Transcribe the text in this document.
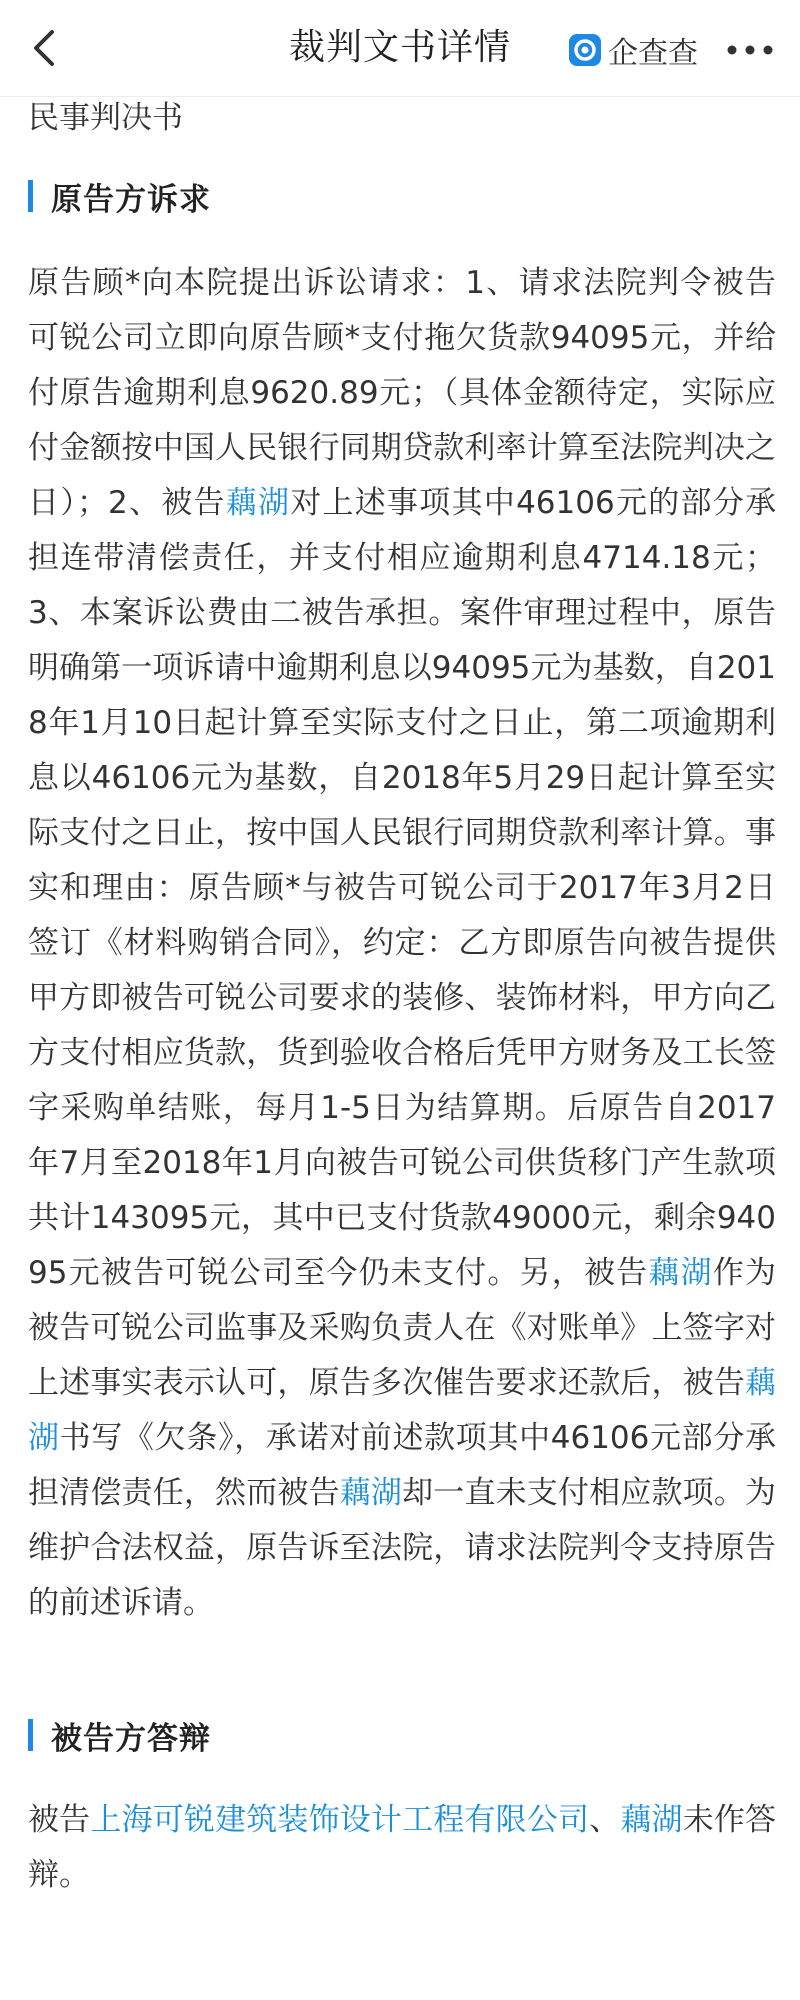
裁判文书详情	企查查

民事判决书

原告方诉求

原告顾*向本院提出诉讼请求：1、请求法院判令被告可锐公司立即向原告顾*支付拖欠货款94095元，并给付原告逾期利息9620.89元；（具体金额待定，实际应付金额按中国人民银行同期贷款利率计算至法院判决之日）；2、被告藕湖对上述事项其中46106元的部分承担连带清偿责任，并支付相应逾期利息4714.18元；3、本案诉讼费由二被告承担。案件审理过程中，原告明确第一项诉请中逾期利息以94095元为基数，自2018年1月10日起计算至实际支付之日止，第二项逾期利息以46106元为基数，自2018年5月29日起计算至实际支付之日止，按中国人民银行同期贷款利率计算。事实和理由：原告顾*与被告可锐公司于2017年3月2日签订《材料购销合同》，约定：乙方即原告向被告提供甲方即被告可锐公司要求的装修、装饰材料，甲方向乙方支付相应货款，货到验收合格后凭甲方财务及工长签字采购单结账，每月1-5日为结算期。后原告自2017年7月至2018年1月向被告可锐公司供货移门产生款项共计143095元，其中已支付货款49000元，剩余94095元被告可锐公司至今仍未支付。另，被告藕湖作为被告可锐公司监事及采购负责人在《对账单》上签字对上述事实表示认可，原告多次催告要求还款后，被告藕湖书写《欠条》，承诺对前述款项其中46106元部分承担清偿责任，然而被告藕湖却一直未支付相应款项。为维护合法权益，原告诉至法院，请求法院判令支持原告的前述诉请。

被告方答辩

被告上海可锐建筑装饰设计工程有限公司、藕湖未作答辩。
